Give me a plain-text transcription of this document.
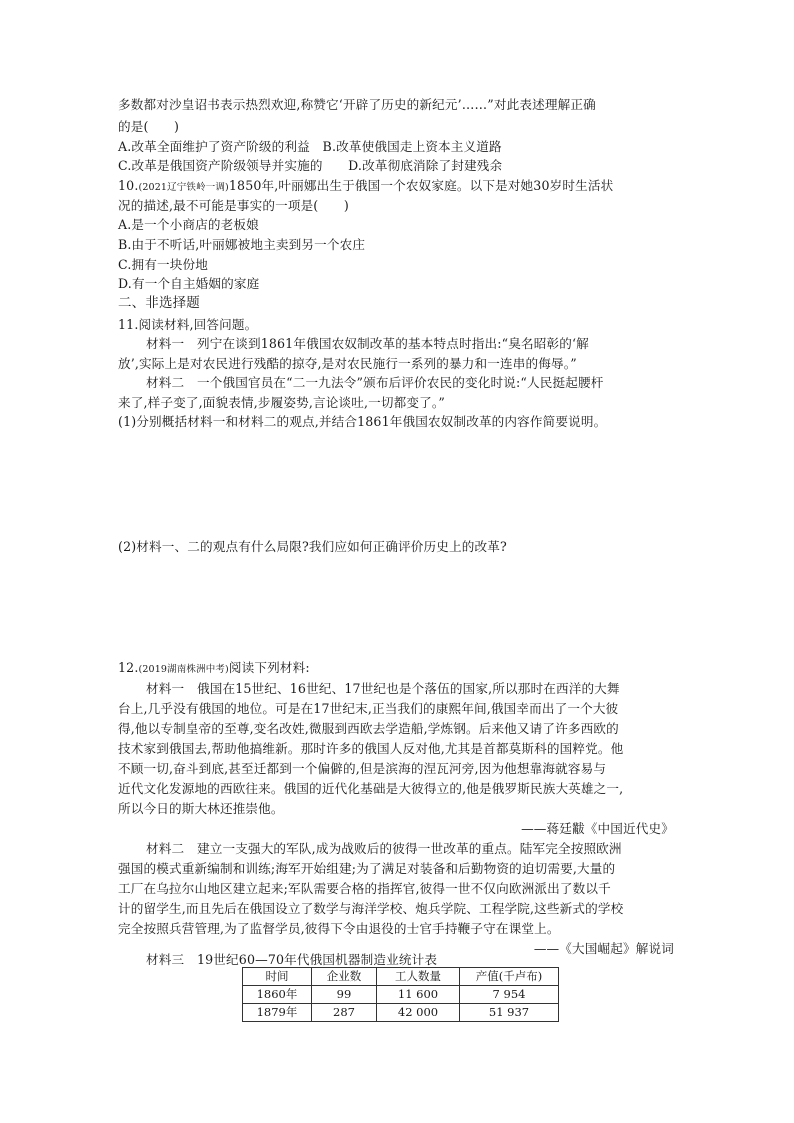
多数都对沙皇诏书表示热烈欢迎,称赞它‘开辟了历史的新纪元’……”对此表述理解正确
的是(　　)
A.改革全面维护了资产阶级的利益　B.改革使俄国走上资本主义道路
C.改革是俄国资产阶级领导并实施的　　D.改革彻底消除了封建残余
10.(2021辽宁铁岭一调)1850年,叶丽娜出生于俄国一个农奴家庭。以下是对她30岁时生活状
况的描述,最不可能是事实的一项是(　　)
A.是一个小商店的老板娘
B.由于不听话,叶丽娜被地主卖到另一个农庄
C.拥有一块份地
D.有一个自主婚姻的家庭
二、非选择题
11.阅读材料,回答问题。
材料一　列宁在谈到1861年俄国农奴制改革的基本特点时指出:“臭名昭彰的‘解
放’,实际上是对农民进行残酷的掠夺,是对农民施行一系列的暴力和一连串的侮辱。”
材料二　一个俄国官员在“二一九法令”颁布后评价农民的变化时说:“人民挺起腰杆
来了,样子变了,面貌表情,步履姿势,言论谈吐,一切都变了。”
(1)分别概括材料一和材料二的观点,并结合1861年俄国农奴制改革的内容作简要说明。
(2)材料一、二的观点有什么局限?我们应如何正确评价历史上的改革?
12.(2019湖南株洲中考)阅读下列材料:
材料一　俄国在15世纪、16世纪、17世纪也是个落伍的国家,所以那时在西洋的大舞
台上,几乎没有俄国的地位。可是在17世纪末,正当我们的康熙年间,俄国幸而出了一个大彼
得,他以专制皇帝的至尊,变名改姓,微服到西欧去学造船,学炼钢。后来他又请了许多西欧的
技术家到俄国去,帮助他搞维新。那时许多的俄国人反对他,尤其是首都莫斯科的国粹党。他
不顾一切,奋斗到底,甚至迁都到一个偏僻的,但是滨海的涅瓦河旁,因为他想靠海就容易与
近代文化发源地的西欧往来。俄国的近代化基础是大彼得立的,他是俄罗斯民族大英雄之一,
所以今日的斯大林还推崇他。
——蒋廷黻《中国近代史》
材料二　建立一支强大的军队,成为战败后的彼得一世改革的重点。陆军完全按照欧洲
强国的模式重新编制和训练;海军开始组建;为了满足对装备和后勤物资的迫切需要,大量的
工厂在乌拉尔山地区建立起来;军队需要合格的指挥官,彼得一世不仅向欧洲派出了数以千
计的留学生,而且先后在俄国设立了数学与海洋学校、炮兵学院、工程学院,这些新式的学校
完全按照兵营管理,为了监督学员,彼得下令由退役的士官手持鞭子守在课堂上。
——《大国崛起》解说词
材料三　19世纪60—70年代俄国机器制造业统计表
时间	企业数	工人数量	产值(千卢布)
1860年	99	11 600	7 954
1879年	287	42 000	51 937
